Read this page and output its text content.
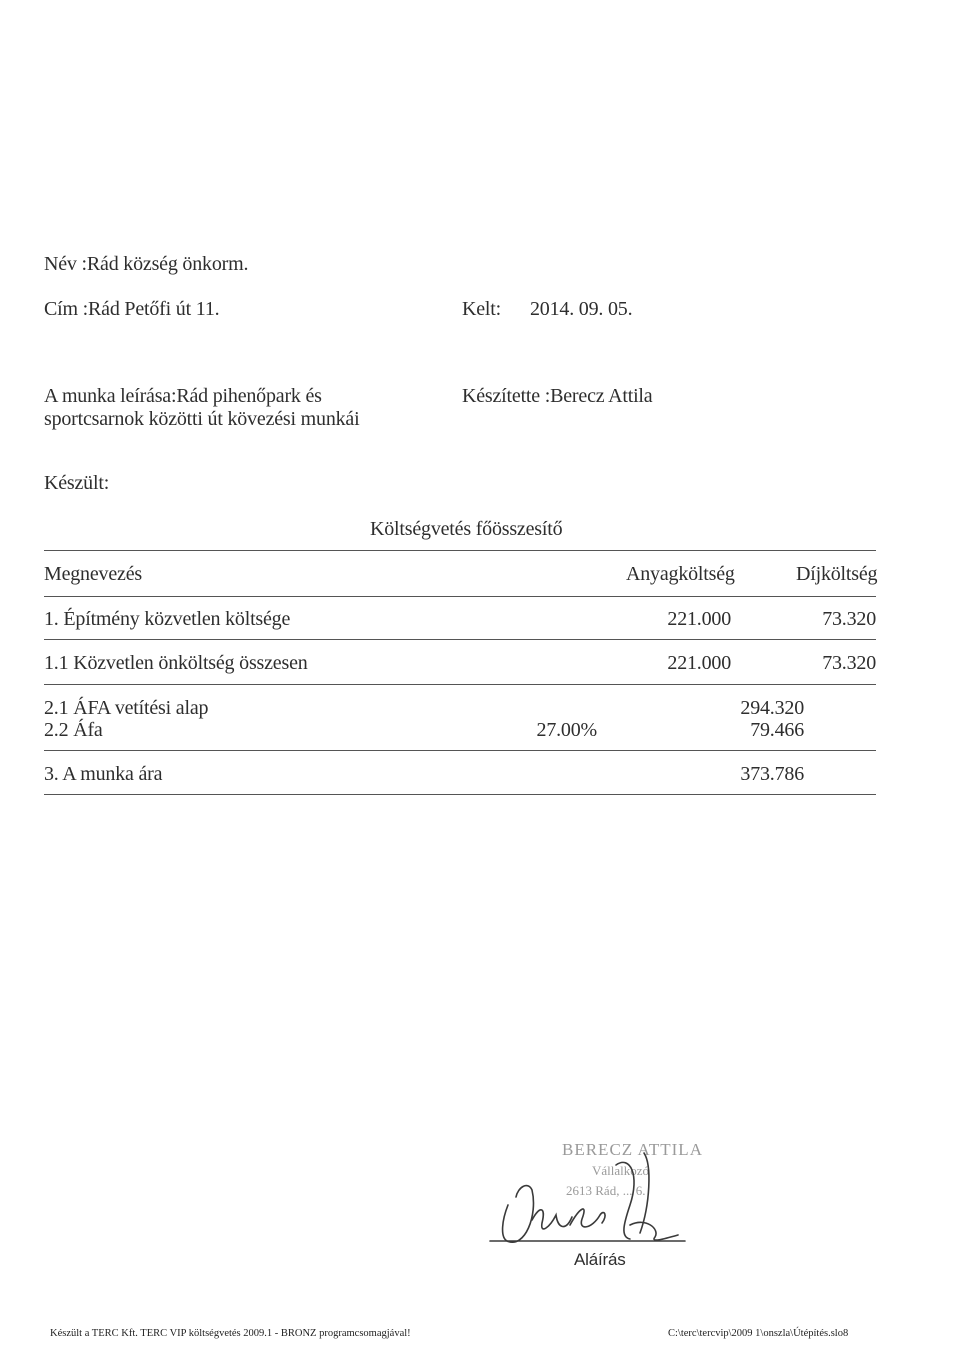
Név :Rád község önkorm.
Cím :Rád Petőfi út 11.	Kelt: 2014. 09. 05.
A munka leírása:Rád pihenőpark és
sportcsarnok közötti út kövezési munkái
Készítette :Berecz Attila
Készült:
Költségvetés főösszesítő
Megnevezés	Anyagköltség	Díjköltség
1. Építmény közvetlen költsége	221.000	73.320
1.1 Közvetlen önköltség összesen	221.000	73.320
2.1 ÁFA vetítési alap	294.320
2.2 Áfa	27.00%	79.466
3. A munka ára	373.786
BERECZ ATTILA
Vállalkozó
2613 Rád, ... 6.
Aláírás
Készült a TERC Kft. TERC VIP költségvetés 2009.1 - BRONZ programcsomagjával!	C:\terc\tercvip\2009 1\onszla\Útépítés.slo8
